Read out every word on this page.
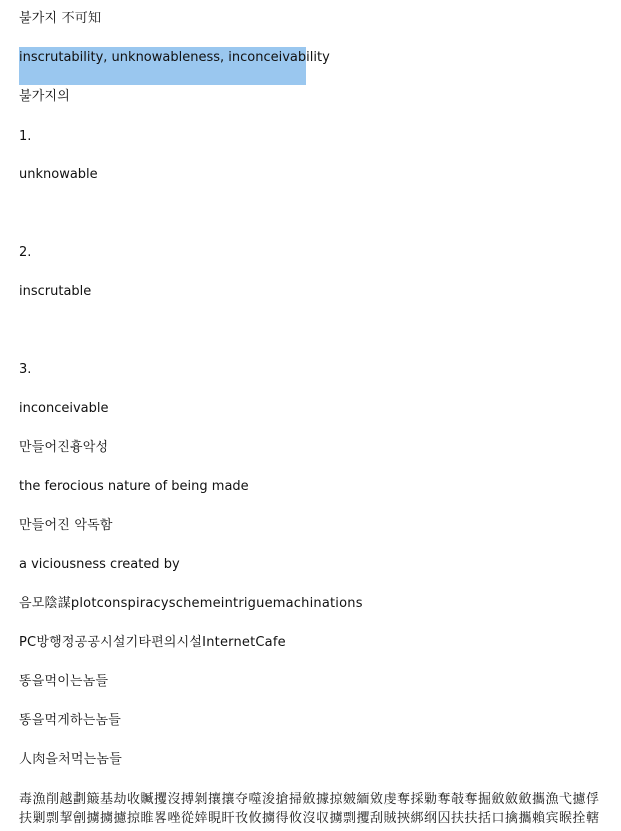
불가지 不可知
inscrutability, unknowableness, inconceivability
불가지의
1.
unknowable
2.
inscrutable
3.
inconceivable
만들어진흉악성
the ferocious nature of being made
만들어진 악독함
a viciousness created by
음모陰謀plotconspiracyschemeintriguemachinations
PC방행정공공시설기타편의시설InternetCafe
똥을먹이는놈들
똥을먹게하는놈들
人肉을처먹는놈들
毒漁削越劃簸基劫收贓攫沒搏剝攘攘夺噬浚搶掃斂據掠皴緬敓虔奪採勦奪攲奪掘斂斂斂攜漁弋攄俘
扶剿剽挈劊擄擄攄掠睢畧唑從婞睍盰攼攸擄得攸沒収擄剽攫刮賊挾綁纲囚扶扶括口擒攜賴宾睺拴轄
